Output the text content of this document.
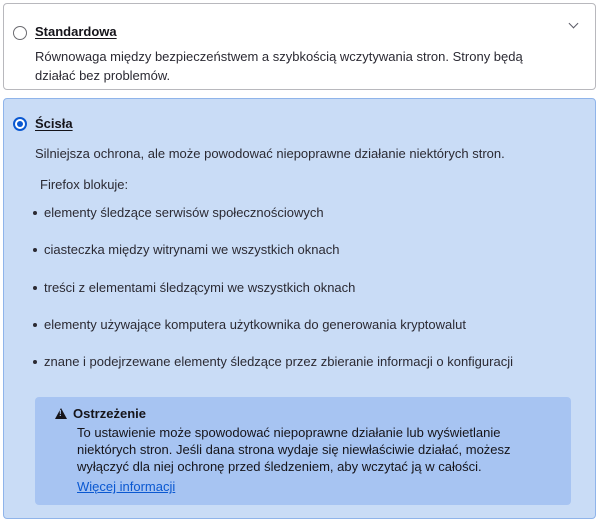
Standardowa
Równowaga między bezpieczeństwem a szybkością wczytywania stron. Strony będą działać bez problemów.
Ścisła
Silniejsza ochrona, ale może powodować niepoprawne działanie niektórych stron.
Firefox blokuje:
elementy śledzące serwisów społecznościowych
ciasteczka między witrynami we wszystkich oknach
treści z elementami śledzącymi we wszystkich oknach
elementy używające komputera użytkownika do generowania kryptowalut
znane i podejrzewane elementy śledzące przez zbieranie informacji o konfiguracji
!
Ostrzeżenie
To ustawienie może spowodować niepoprawne działanie lub wyświetlanie niektórych stron. Jeśli dana strona wydaje się niewłaściwie działać, możesz wyłączyć dla niej ochronę przed śledzeniem, aby wczytać ją w całości.
Więcej informacji
